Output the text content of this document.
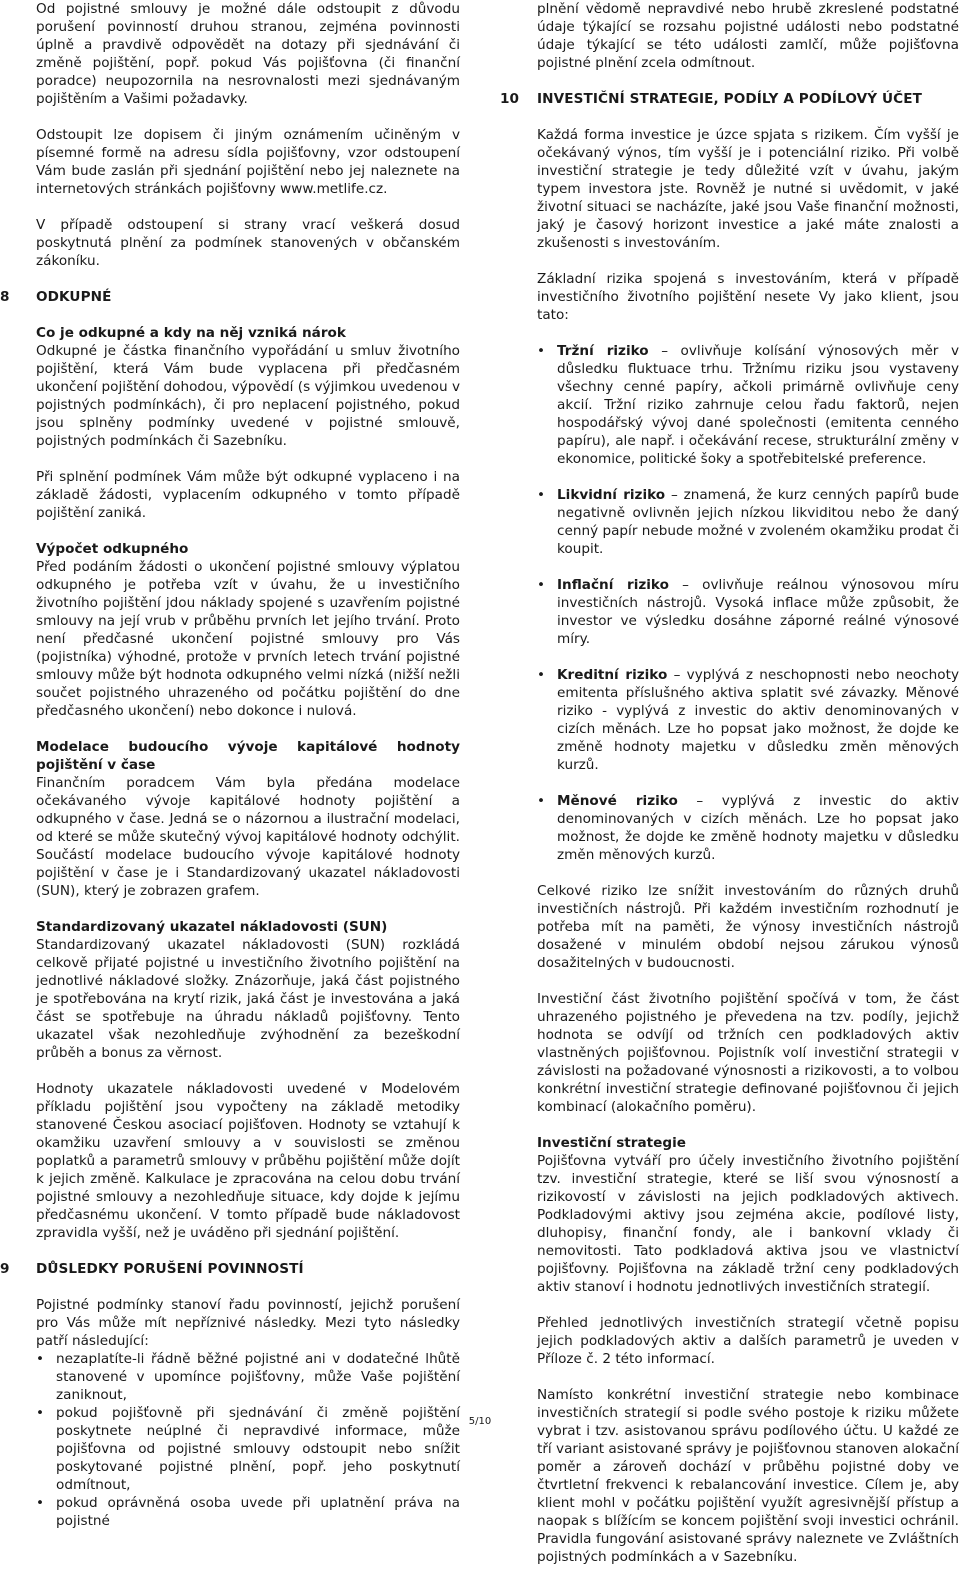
Od pojistné smlouvy je možné dále odstoupit z důvodu porušení povinností druhou stranou, zejména povinnosti úplně a pravdivě odpovědět na dotazy při sjednávání či změně pojištění, popř. pokud Vás pojišťovna (či finanční poradce) neupozornila na nesrovnalosti mezi sjednávaným pojištěním a Vašimi požadavky.

Odstoupit lze dopisem či jiným oznámením učiněným v písemné formě na adresu sídla pojišťovny, vzor odstoupení Vám bude zaslán při sjednání pojištění nebo jej naleznete na internetových stránkách pojišťovny www.metlife.cz.

V případě odstoupení si strany vrací veškerá dosud poskytnutá plnění za podmínek stanovených v občanském zákoníku.

8	ODKUPNÉ

Co je odkupné a kdy na něj vzniká nárok
Odkupné je částka finančního vypořádání u smluv životního pojištění, která Vám bude vyplacena při předčasném ukončení pojištění dohodou, výpovědí (s výjimkou uvedenou v pojistných podmínkách), či pro neplacení pojistného, pokud jsou splněny podmínky uvedené v pojistné smlouvě, pojistných podmínkách či Sazebníku.

Při splnění podmínek Vám může být odkupné vyplaceno i na základě žádosti, vyplacením odkupného v tomto případě pojištění zaniká.

Výpočet odkupného
Před podáním žádosti o ukončení pojistné smlouvy výplatou odkupného je potřeba vzít v úvahu, že u investičního životního pojištění jdou náklady spojené s uzavřením pojistné smlouvy na její vrub v průběhu prvních let jejího trvání. Proto není předčasné ukončení pojistné smlouvy pro Vás (pojistníka) výhodné, protože v prvních letech trvání pojistné smlouvy může být hodnota odkupného velmi nízká (nižší nežli součet pojistného uhrazeného od počátku pojištění do dne předčasného ukončení) nebo dokonce i nulová.

Modelace budoucího vývoje kapitálové hodnoty pojištění v čase
Finančním poradcem Vám byla předána modelace očekávaného vývoje kapitálové hodnoty pojištění a odkupného v čase. Jedná se o názornou a ilustrační modelaci, od které se může skutečný vývoj kapitálové hodnoty odchýlit. Součástí modelace budoucího vývoje kapitálové hodnoty pojištění v čase je i Standardizovaný ukazatel nákladovosti (SUN), který je zobrazen grafem.

Standardizovaný ukazatel nákladovosti (SUN)
Standardizovaný ukazatel nákladovosti (SUN) rozkládá celkově přijaté pojistné u investičního životního pojištění na jednotlivé nákladové složky. Znázorňuje, jaká část pojistného je spotřebována na krytí rizik, jaká část je investována a jaká část se spotřebuje na úhradu nákladů pojišťovny. Tento ukazatel však nezohledňuje zvýhodnění za bezeškodní průběh a bonus za věrnost.

Hodnoty ukazatele nákladovosti uvedené v Modelovém příkladu pojištění jsou vypočteny na základě metodiky stanovené Českou asociací pojišťoven. Hodnoty se vztahují k okamžiku uzavření smlouvy a v souvislosti se změnou poplatků a parametrů smlouvy v průběhu pojištění může dojít k jejich změně. Kalkulace je zpracována na celou dobu trvání pojistné smlouvy a nezohledňuje situace, kdy dojde k jejímu předčasnému ukončení. V tomto případě bude nákladovost zpravidla vyšší, než je uváděno při sjednání pojištění.

9	DŮSLEDKY PORUŠENÍ POVINNOSTÍ

Pojistné podmínky stanoví řadu povinností, jejichž porušení pro Vás může mít nepříznivé následky. Mezi tyto následky patří následující:

• nezaplatíte-li řádně běžné pojistné ani v dodatečné lhůtě stanovené v upomínce pojišťovny, může Vaše pojištění zaniknout,
• pokud pojišťovně při sjednávání či změně pojištění poskytnete neúplné či nepravdivé informace, může pojišťovna od pojistné smlouvy odstoupit nebo snížit poskytované pojistné plnění, popř. jeho poskytnutí odmítnout,
• pokud oprávněná osoba uvede při uplatnění práva na pojistné

plnění vědomě nepravdivé nebo hrubě zkreslené podstatné údaje týkající se rozsahu pojistné události nebo podstatné údaje týkající se této události zamlčí, může pojišťovna pojistné plnění zcela odmítnout.

10 INVESTIČNÍ STRATEGIE, PODÍLY A PODÍLOVÝ ÚČET

Každá forma investice je úzce spjata s rizikem. Čím vyšší je očekávaný výnos, tím vyšší je i potenciální riziko. Při volbě investiční strategie je tedy důležité vzít v úvahu, jakým typem investora jste. Rovněž je nutné si uvědomit, v jaké životní situaci se nacházíte, jaké jsou Vaše finanční možnosti, jaký je časový horizont investice a jaké máte znalosti a zkušenosti s investováním.

Základní rizika spojená s investováním, která v případě investičního životního pojištění nesete Vy jako klient, jsou tato:

• Tržní riziko – ovlivňuje kolísání výnosových měr v důsledku fluktuace trhu. Tržnímu riziku jsou vystaveny všechny cenné papíry, ačkoli primárně ovlivňuje ceny akcií. Tržní riziko zahrnuje celou řadu faktorů, nejen hospodářský vývoj dané společnosti (emitenta cenného papíru), ale např. i očekávání recese, strukturální změny v ekonomice, politické šoky a spotřebitelské preference.
• Likvidní riziko – znamená, že kurz cenných papírů bude negativně ovlivněn jejich nízkou likviditou nebo že daný cenný papír nebude možné v zvoleném okamžiku prodat či koupit.
• Inflační riziko – ovlivňuje reálnou výnosovou míru investičních nástrojů. Vysoká inflace může způsobit, že investor ve výsledku dosáhne záporné reálné výnosové míry.
• Kreditní riziko – vyplývá z neschopnosti nebo neochoty emitenta příslušného aktiva splatit své závazky. Měnové riziko - vyplývá z investic do aktiv denominovaných v cizích měnách. Lze ho popsat jako možnost, že dojde ke změně hodnoty majetku v důsledku změn měnových kurzů.
• Měnové riziko – vyplývá z investic do aktiv denominovaných v cizích měnách. Lze ho popsat jako možnost, že dojde ke změně hodnoty majetku v důsledku změn měnových kurzů.

Celkové riziko lze snížit investováním do různých druhů investičních nástrojů. Při každém investičním rozhodnutí je potřeba mít na paměti, že výnosy investičních nástrojů dosažené v minulém období nejsou zárukou výnosů dosažitelných v budoucnosti.

Investiční část životního pojištění spočívá v tom, že část uhrazeného pojistného je převedena na tzv. podíly, jejichž hodnota se odvíjí od tržních cen podkladových aktiv vlastněných pojišťovnou. Pojistník volí investiční strategii v závislosti na požadované výnosnosti a rizikovosti, a to volbou konkrétní investiční strategie definované pojišťovnou či jejich kombinací (alokačního poměru).

Investiční strategie
Pojišťovna vytváří pro účely investičního životního pojištění tzv. investiční strategie, které se liší svou výnosností a rizikovostí v závislosti na jejich podkladových aktivech. Podkladovými aktivy jsou zejména akcie, podílové listy, dluhopisy, finanční fondy, ale i bankovní vklady či nemovitosti. Tato podkladová aktiva jsou ve vlastnictví pojišťovny. Pojišťovna na základě tržní ceny podkladových aktiv stanoví i hodnotu jednotlivých investičních strategií.

Přehled jednotlivých investičních strategií včetně popisu jejich podkladových aktiv a dalších parametrů je uveden v Příloze č. 2 této informací.

Namísto konkrétní investiční strategie nebo kombinace investičních strategií si podle svého postoje k riziku můžete vybrat i tzv. asistovanou správu podílového účtu. U každé ze tří variant asistované správy je pojišťovnou stanoven alokační poměr a zároveň dochází v průběhu pojistné doby ve čtvrtletní frekvenci k rebalancování investice. Cílem je, aby klient mohl v počátku pojištění využít agresivnější přístup a naopak s blížícím se koncem pojištění svoji investici ochránil. Pravidla fungování asistované správy naleznete ve Zvláštních pojistných podmínkách a v Sazebníku.

5/10
